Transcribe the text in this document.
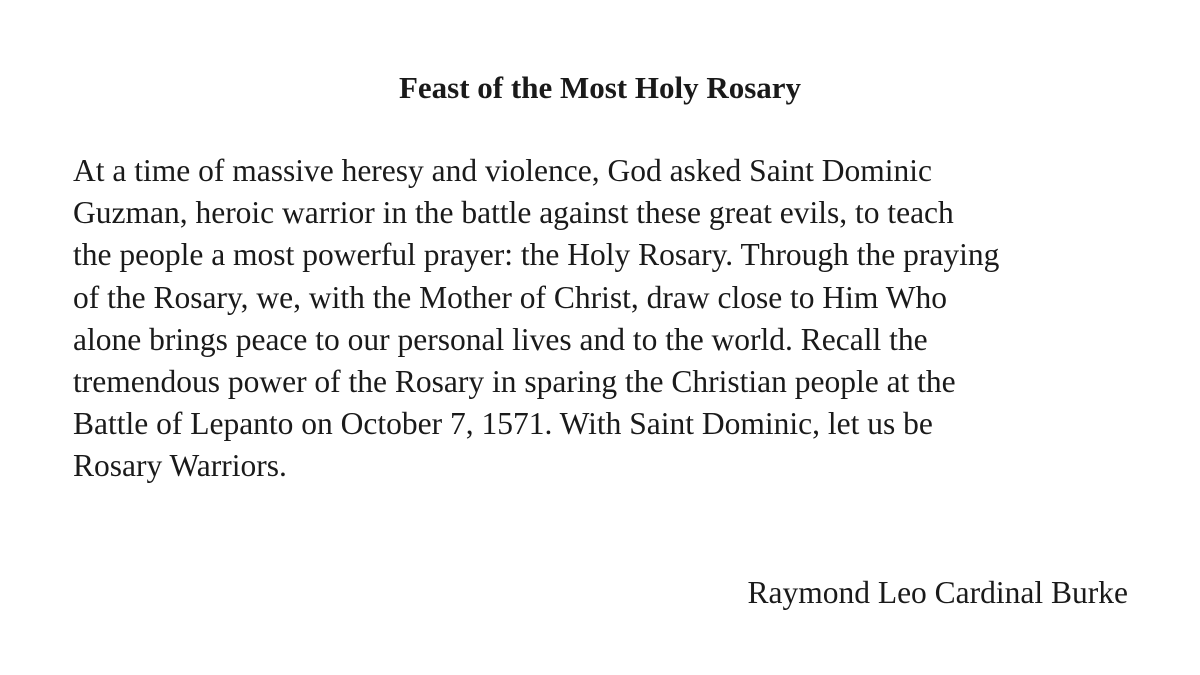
Feast of the Most Holy Rosary
At a time of massive heresy and violence, God asked Saint Dominic
Guzman, heroic warrior in the battle against these great evils, to teach
the people a most powerful prayer: the Holy Rosary. Through the praying
of the Rosary, we, with the Mother of Christ, draw close to Him Who
alone brings peace to our personal lives and to the world. Recall the
tremendous power of the Rosary in sparing the Christian people at the
Battle of Lepanto on October 7, 1571. With Saint Dominic, let us be
Rosary Warriors.
Raymond Leo Cardinal Burke
